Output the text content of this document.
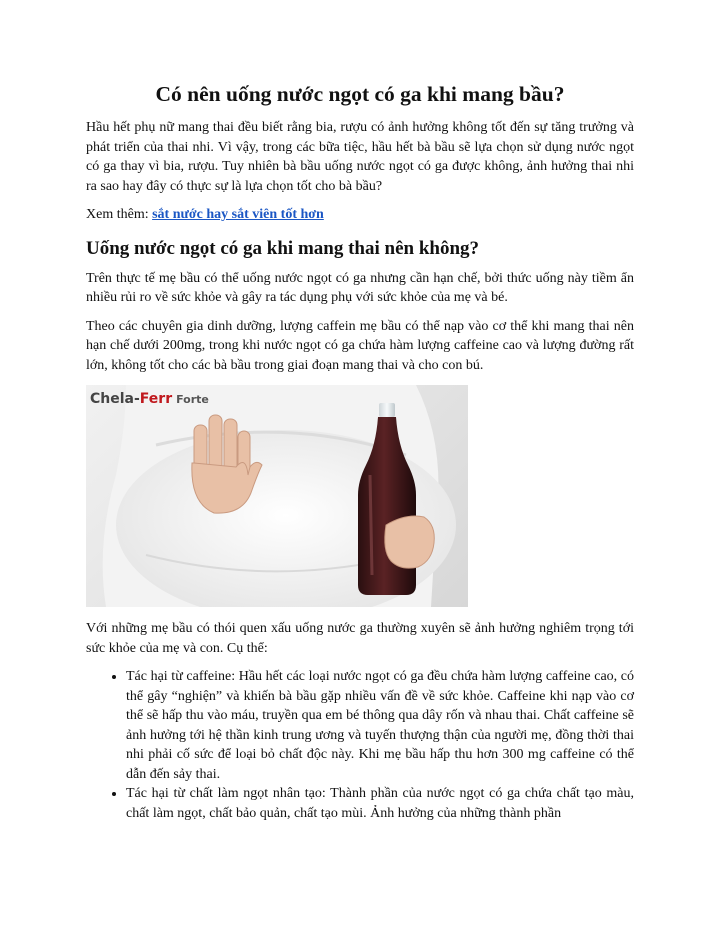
Có nên uống nước ngọt có ga khi mang bầu?

Hầu hết phụ nữ mang thai đều biết rằng bia, rượu có ảnh hưởng không tốt đến sự tăng trưởng và phát triển của thai nhi. Vì vậy, trong các bữa tiệc, hầu hết bà bầu sẽ lựa chọn sử dụng nước ngọt có ga thay vì bia, rượu. Tuy nhiên bà bầu uống nước ngọt có ga được không, ảnh hưởng thai nhi ra sao hay đây có thực sự là lựa chọn tốt cho bà bầu?

Xem thêm: sắt nước hay sắt viên tốt hơn

Uống nước ngọt có ga khi mang thai nên không?

Trên thực tế mẹ bầu có thể uống nước ngọt có ga nhưng cần hạn chế, bởi thức uống này tiềm ẩn nhiều rủi ro về sức khỏe và gây ra tác dụng phụ với sức khỏe của mẹ và bé.

Theo các chuyên gia dinh dưỡng, lượng caffein mẹ bầu có thể nạp vào cơ thể khi mang thai nên hạn chế dưới 200mg, trong khi nước ngọt có ga chứa hàm lượng caffeine cao và lượng đường rất lớn, không tốt cho các bà bầu trong giai đoạn mang thai và cho con bú.

Chela-Ferr Forte

Với những mẹ bầu có thói quen xấu uống nước ga thường xuyên sẽ ảnh hưởng nghiêm trọng tới sức khỏe của mẹ và con. Cụ thể:

• Tác hại từ caffeine: Hầu hết các loại nước ngọt có ga đều chứa hàm lượng caffeine cao, có thể gây “nghiện” và khiến bà bầu gặp nhiều vấn đề về sức khỏe. Caffeine khi nạp vào cơ thể sẽ hấp thu vào máu, truyền qua em bé thông qua dây rốn và nhau thai. Chất caffeine sẽ ảnh hưởng tới hệ thần kinh trung ương và tuyến thượng thận của người mẹ, đồng thời thai nhi phải cố sức để loại bỏ chất độc này. Khi mẹ bầu hấp thu hơn 300 mg caffeine có thể dẫn đến sảy thai.
• Tác hại từ chất làm ngọt nhân tạo: Thành phần của nước ngọt có ga chứa chất tạo màu, chất làm ngọt, chất bảo quản, chất tạo mùi. Ảnh hưởng của những thành phần
